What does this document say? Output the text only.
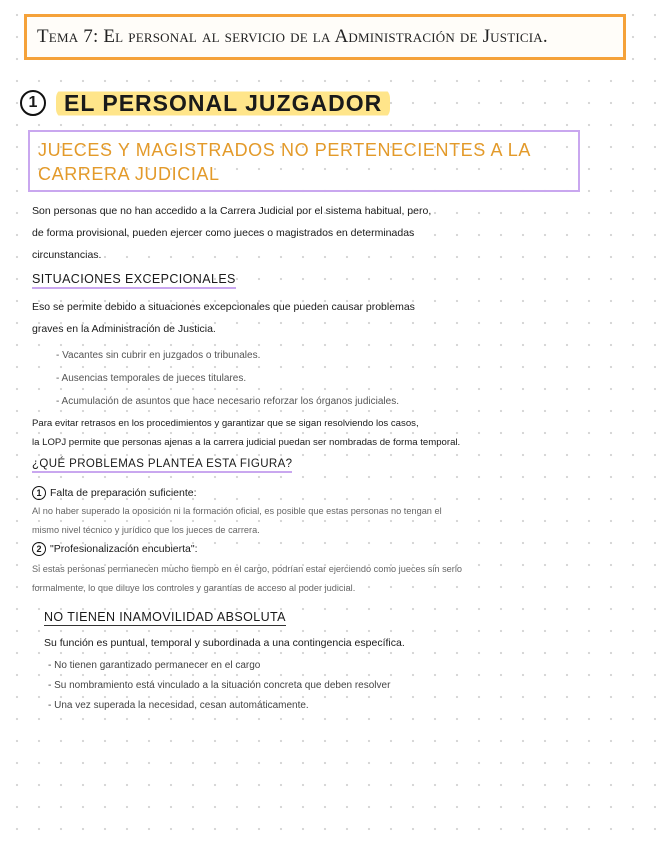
Tema 7: El personal al servicio de la Administración de Justicia.
1	EL PERSONAL JUZGADOR
JUECES Y MAGISTRADOS NO PERTENECIENTES A LA CARRERA JUDICIAL
Son personas que no han accedido a la Carrera Judicial por el sistema habitual, pero,
de forma provisional, pueden ejercer como jueces o magistrados en determinadas
circunstancias.
SITUACIONES EXCEPCIONALES
Eso se permite debido a situaciones excepcionales que pueden causar problemas
graves en la Administración de Justicia.
- Vacantes sin cubrir en juzgados o tribunales.
- Ausencias temporales de jueces titulares.
- Acumulación de asuntos que hace necesario reforzar los órganos judiciales.
Para evitar retrasos en los procedimientos y garantizar que se sigan resolviendo los casos,
la LOPJ permite que personas ajenas a la carrera judicial puedan ser nombradas de forma temporal.
¿QUÉ PROBLEMAS PLANTEA ESTA FIGURA?
1 Falta de preparación suficiente:
Al no haber superado la oposición ni la formación oficial, es posible que estas personas no tengan el
mismo nivel técnico y jurídico que los jueces de carrera.
2 "Profesionalización encubierta":
Si estas personas permanecen mucho tiempo en el cargo, podrían estar ejerciendo como jueces sin serlo
formalmente, lo que diluye los controles y garantías de acceso al poder judicial.
NO TIENEN INAMOVILIDAD ABSOLUTA
Su función es puntual, temporal y subordinada a una contingencia específica.
- No tienen garantizado permanecer en el cargo
- Su nombramiento está vinculado a la situación concreta que deben resolver
- Una vez superada la necesidad, cesan automáticamente.
